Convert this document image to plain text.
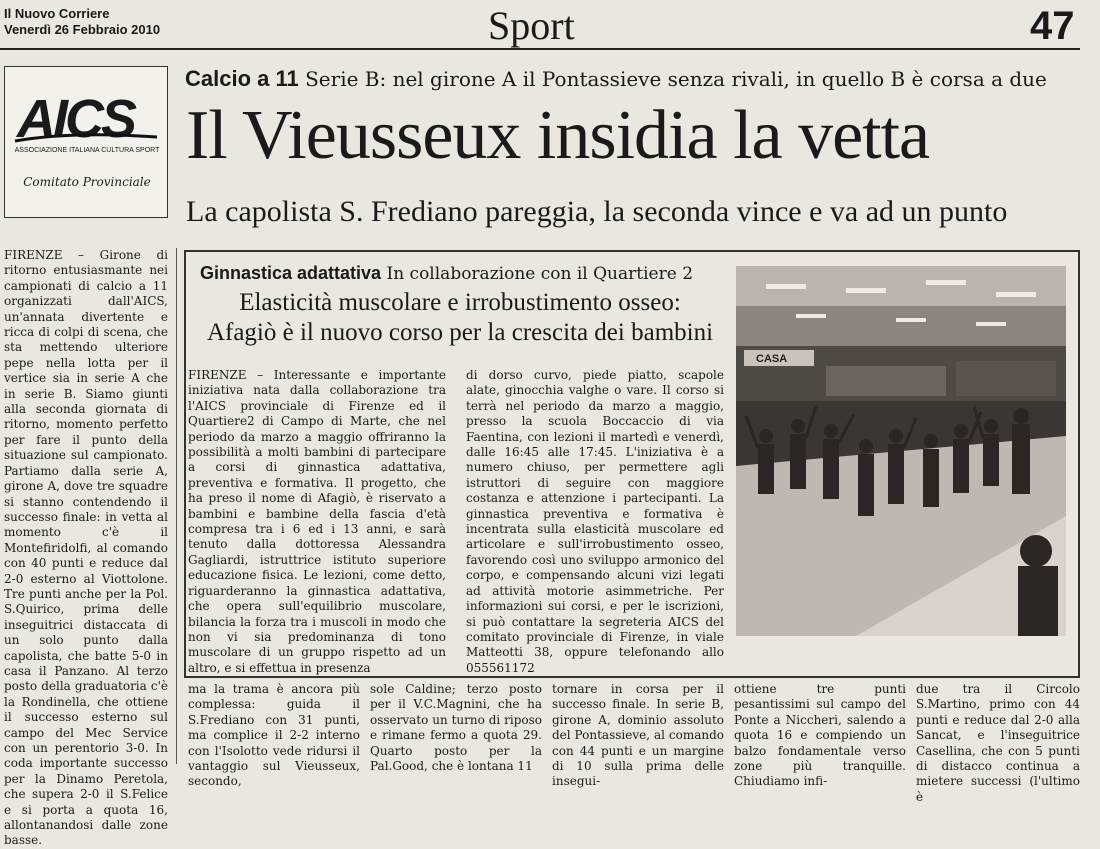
Il Nuovo Corriere
Venerdì 26 Febbraio 2010	Sport	47
AICS
ASSOCIAZIONE ITALIANA CULTURA SPORT
Comitato Provinciale
Calcio a 11 Serie B: nel girone A il Pontassieve senza rivali, in quello B è corsa a due
Il Vieusseux insidia la vetta
La capolista S. Frediano pareggia, la seconda vince e va ad un punto
FIRENZE – Girone di ritorno entusiasmante nei campionati di calcio a 11 organizzati dall'AICS, un'annata divertente e ricca di colpi di scena, che sta mettendo ulteriore pepe nella lotta per il vertice sia in serie A che in serie B. Siamo giunti alla seconda giornata di ritorno, momento perfetto per fare il punto della situazione sul campionato. Partiamo dalla serie A, girone A, dove tre squadre si stanno contendendo il successo finale: in vetta al momento c'è il Montefiridolfi, al comando con 40 punti e reduce dal 2-0 esterno al Viottolone. Tre punti anche per la Pol. S.Quirico, prima delle inseguitrici distaccata di un solo punto dalla capolista, che batte 5-0 in casa il Panzano. Al terzo posto della graduatoria c'è la Rondinella, che ottiene il successo esterno sul campo del Mec Service con un perentorio 3-0. In coda importante successo per la Dinamo Peretola, che supera 2-0 il S.Felice e si porta a quota 16, allontanandosi dalle zone basse.
Ginnastica adattativa In collaborazione con il Quartiere 2
Elasticità muscolare e irrobustimento osseo:
Afagiò è il nuovo corso per la crescita dei bambini
FIRENZE – Interessante e importante iniziativa nata dalla collaborazione tra l'AICS provinciale di Firenze ed il Quartiere2 di Campo di Marte, che nel periodo da marzo a maggio offriranno la possibilità a molti bambini di partecipare a corsi di ginnastica adattativa, preventiva e formativa. Il progetto, che ha preso il nome di Afagiò, è riservato a bambini e bambine della fascia d'età compresa tra i 6 ed i 13 anni, e sarà tenuto dalla dottoressa Alessandra Gagliardi, istruttrice istituto superiore educazione fisica. Le lezioni, come detto, riguarderanno la ginnastica adattativa, che opera sull'equilibrio muscolare, bilancia la forza tra i muscoli in modo che non vi sia predominanza di tono muscolare di un gruppo rispetto ad un altro, e si effettua in presenza
di dorso curvo, piede piatto, scapole alate, ginocchia valghe o vare. Il corso si terrà nel periodo da marzo a maggio, presso la scuola Boccaccio di via Faentina, con lezioni il martedì e venerdì, dalle 16:45 alle 17:45. L'iniziativa è a numero chiuso, per permettere agli istruttori di seguire con maggiore costanza e attenzione i partecipanti. La ginnastica preventiva e formativa è incentrata sulla elasticità muscolare ed articolare e sull'irrobustimento osseo, favorendo così uno sviluppo armonico del corpo, e compensando alcuni vizi legati ad attività motorie asimmetriche. Per informazioni sui corsi, e per le iscrizioni, si può contattare la segreteria AICS del comitato provinciale di Firenze, in viale Matteotti 38, oppure telefonando allo 055561172
CASA
ma la trama è ancora più complessa: guida il S.Frediano con 31 punti, ma complice il 2-2 interno con l'Isolotto vede ridursi il vantaggio sul Vieusseux, secondo,
sole Caldine; terzo posto per il V.C.Magnini, che ha osservato un turno di riposo e rimane fermo a quota 29. Quarto posto per la Pal.Good, che è lontana 11
tornare in corsa per il successo finale. In serie B, girone A, dominio assoluto del Pontassieve, al comando con 44 punti e un margine di 10 sulla prima delle insegui-
ottiene tre punti pesantissimi sul campo del Ponte a Niccheri, salendo a quota 16 e compiendo un balzo fondamentale verso zone più tranquille. Chiudiamo infi-
due tra il Circolo S.Martino, primo con 44 punti e reduce dal 2-0 alla Sancat, e l'inseguitrice Casellina, che con 5 punti di distacco continua a mietere successi (l'ultimo è
